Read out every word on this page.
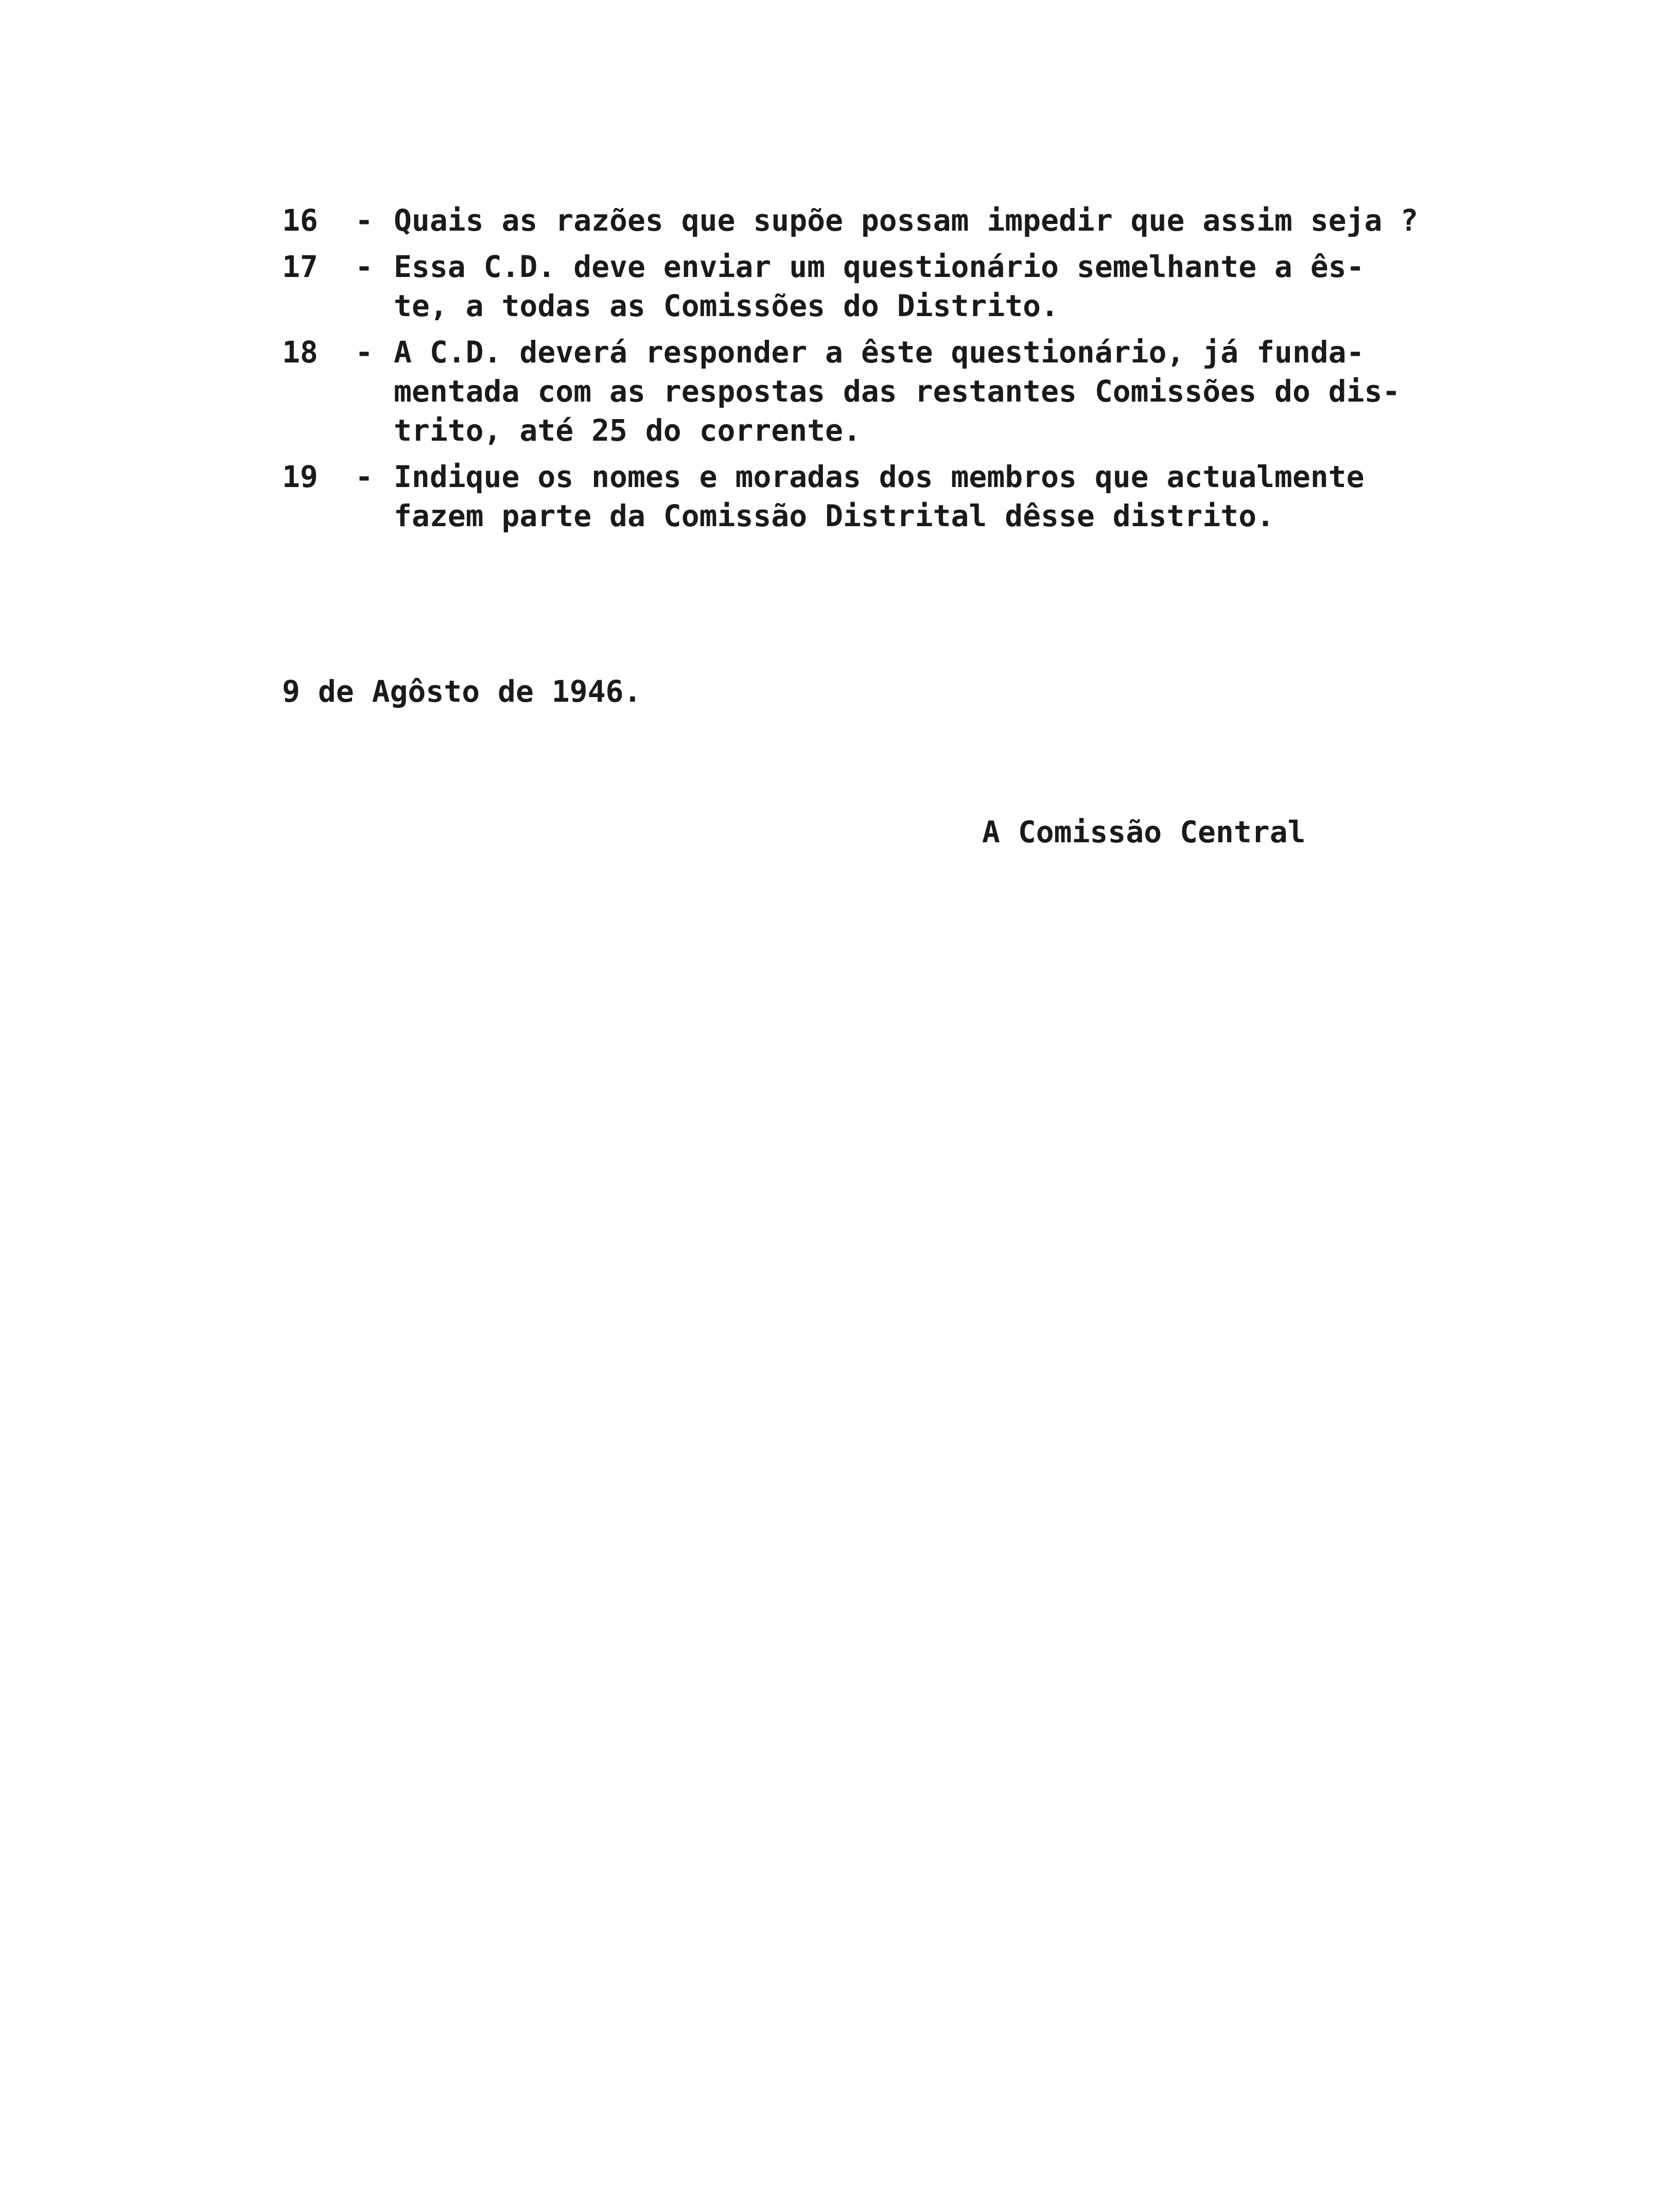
16	- Quais as razões que supõe possam impedir que assim seja ?
17	- Essa C.D. deve enviar um questionário semelhante a ês-
te, a todas as Comissões do Distrito.
18	- A C.D. deverá responder a êste questionário, já funda-
mentada com as respostas das restantes Comissões do dis-
trito, até 25 do corrente.
19	- Indique os nomes e moradas dos membros que actualmente
fazem parte da Comissão Distrital dêsse distrito.
9 de Agôsto de 1946.
A Comissão Central
